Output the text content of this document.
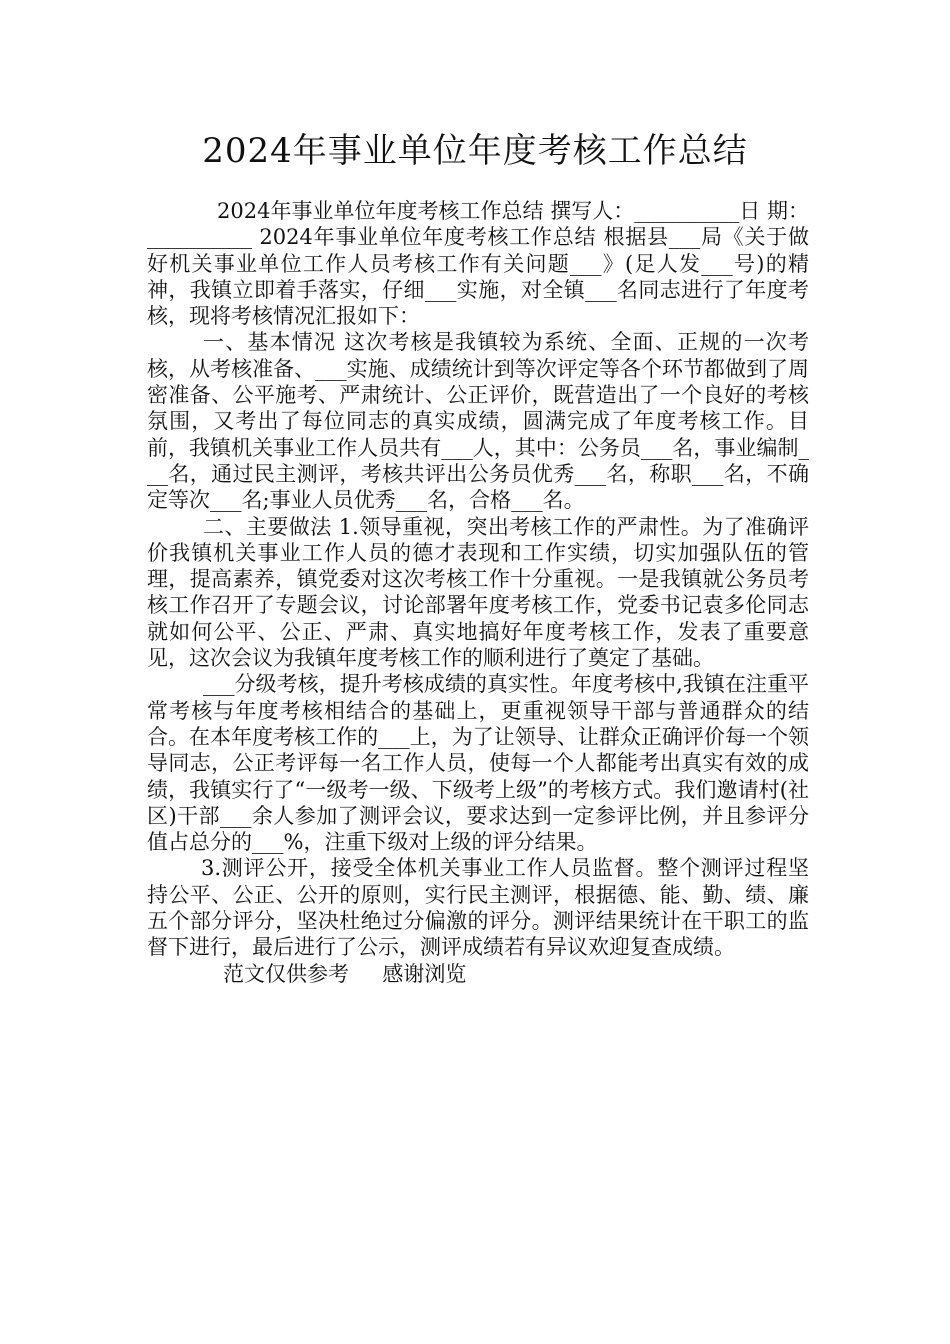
2024年事业单位年度考核工作总结

2024年事业单位年度考核工作总结 撰写人：__________日 期：__________ 2024年事业单位年度考核工作总结 根据县___局《关于做好机关事业单位工作人员考核工作有关问题___》(足人发___号)的精神，我镇立即着手落实，仔细___实施，对全镇___名同志进行了年度考核，现将考核情况汇报如下：

一、基本情况 这次考核是我镇较为系统、全面、正规的一次考核，从考核准备、___实施、成绩统计到等次评定等各个环节都做到了周密准备、公平施考、严肃统计、公正评价，既营造出了一个良好的考核氛围，又考出了每位同志的真实成绩，圆满完成了年度考核工作。目前，我镇机关事业工作人员共有___人，其中：公务员___名，事业编制___名，通过民主测评，考核共评出公务员优秀___名，称职___名，不确定等次___名;事业人员优秀___名，合格___名。

二、主要做法 1.领导重视，突出考核工作的严肃性。为了准确评价我镇机关事业工作人员的德才表现和工作实绩，切实加强队伍的管理，提高素养，镇党委对这次考核工作十分重视。一是我镇就公务员考核工作召开了专题会议，讨论部署年度考核工作，党委书记袁多伦同志就如何公平、公正、严肃、真实地搞好年度考核工作，发表了重要意见，这次会议为我镇年度考核工作的顺利进行了奠定了基础。

___分级考核，提升考核成绩的真实性。年度考核中,我镇在注重平常考核与年度考核相结合的基础上，更重视领导干部与普通群众的结合。在本年度考核工作的___上，为了让领导、让群众正确评价每一个领导同志，公正考评每一名工作人员，使每一个人都能考出真实有效的成绩，我镇实行了“一级考一级、下级考上级”的考核方式。我们邀请村(社区)干部___余人参加了测评会议，要求达到一定参评比例，并且参评分值占总分的___%，注重下级对上级的评分结果。

3.测评公开，接受全体机关事业工作人员监督。整个测评过程坚持公平、公正、公开的原则，实行民主测评，根据德、能、勤、绩、廉五个部分评分，坚决杜绝过分偏激的评分。测评结果统计在干职工的监督下进行，最后进行了公示，测评成绩若有异议欢迎复查成绩。

范文仅供参考     感谢浏览
